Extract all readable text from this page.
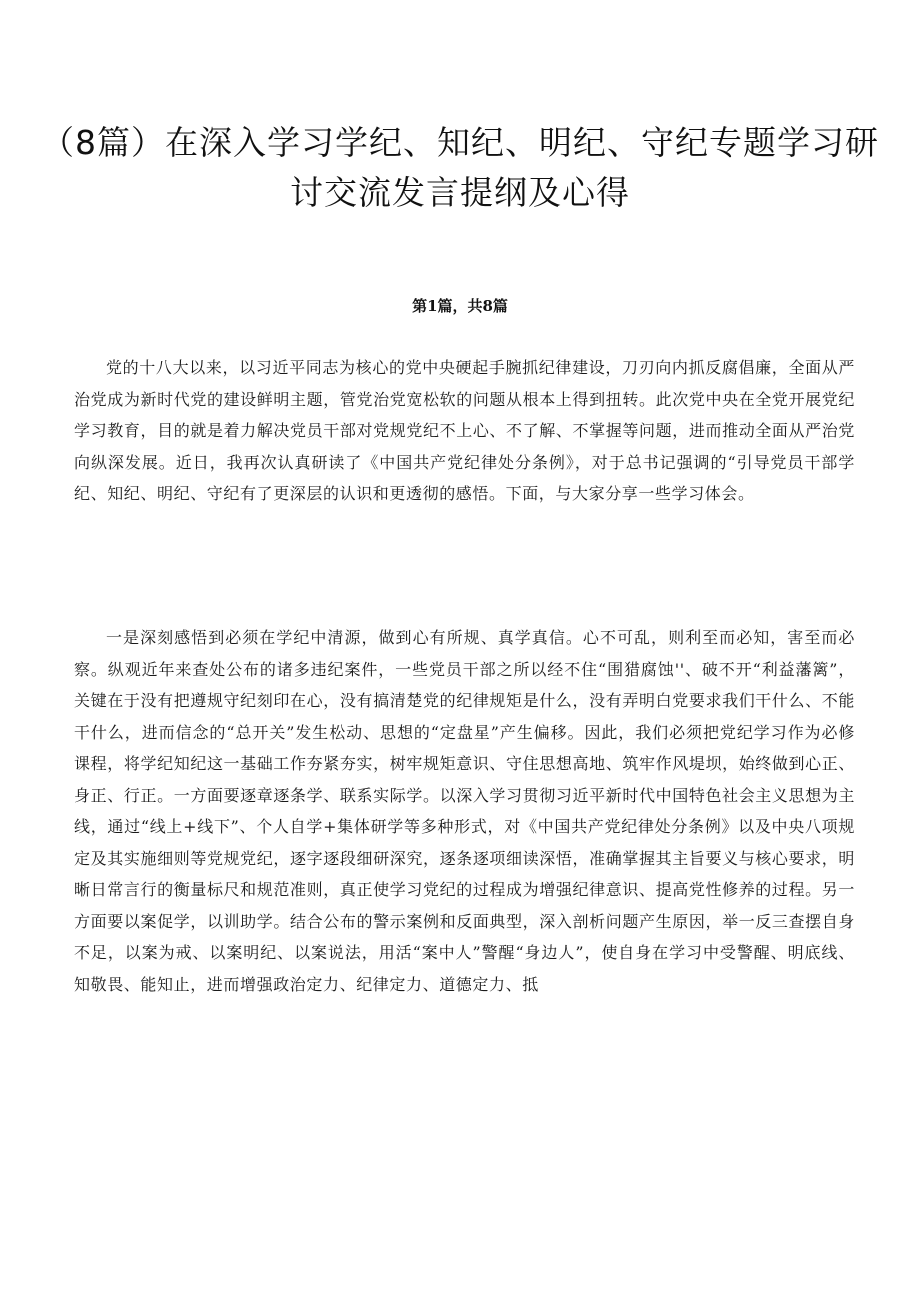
（8篇）在深入学习学纪、知纪、明纪、守纪专题学习研讨交流发言提纲及心得
第1篇，共8篇

党的十八大以来，以习近平同志为核心的党中央硬起手腕抓纪律建设，刀刃向内抓反腐倡廉，全面从严治党成为新时代党的建设鲜明主题，管党治党宽松软的问题从根本上得到扭转。此次党中央在全党开展党纪学习教育，目的就是着力解决党员干部对党规党纪不上心、不了解、不掌握等问题，进而推动全面从严治党向纵深发展。近日，我再次认真研读了《中国共产党纪律处分条例》，对于总书记强调的“引导党员干部学纪、知纪、明纪、守纪有了更深层的认识和更透彻的感悟。下面，与大家分享一些学习体会。

一是深刻感悟到必须在学纪中清源，做到心有所规、真学真信。心不可乱，则利至而必知，害至而必察。纵观近年来查处公布的诸多违纪案件，一些党员干部之所以经不住“围猎腐蚀''、破不开“利益藩篱”，关键在于没有把遵规守纪刻印在心，没有搞清楚党的纪律规矩是什么，没有弄明白党要求我们干什么、不能干什么，进而信念的“总开关”发生松动、思想的“定盘星”产生偏移。因此，我们必须把党纪学习作为必修课程，将学纪知纪这一基础工作夯紧夯实，树牢规矩意识、守住思想高地、筑牢作风堤坝，始终做到心正、身正、行正。一方面要逐章逐条学、联系实际学。以深入学习贯彻习近平新时代中国特色社会主义思想为主线，通过“线上+线下”、个人自学+集体研学等多种形式，对《中国共产党纪律处分条例》以及中央八项规定及其实施细则等党规党纪，逐字逐段细研深究，逐条逐项细读深悟，准确掌握其主旨要义与核心要求，明晰日常言行的衡量标尺和规范准则，真正使学习党纪的过程成为增强纪律意识、提高党性修养的过程。另一方面要以案促学，以训助学。结合公布的警示案例和反面典型，深入剖析问题产生原因，举一反三查摆自身不足，以案为戒、以案明纪、以案说法，用活“案中人”警醒“身边人”，使自身在学习中受警醒、明底线、知敬畏、能知止，进而增强政治定力、纪律定力、道德定力、抵
